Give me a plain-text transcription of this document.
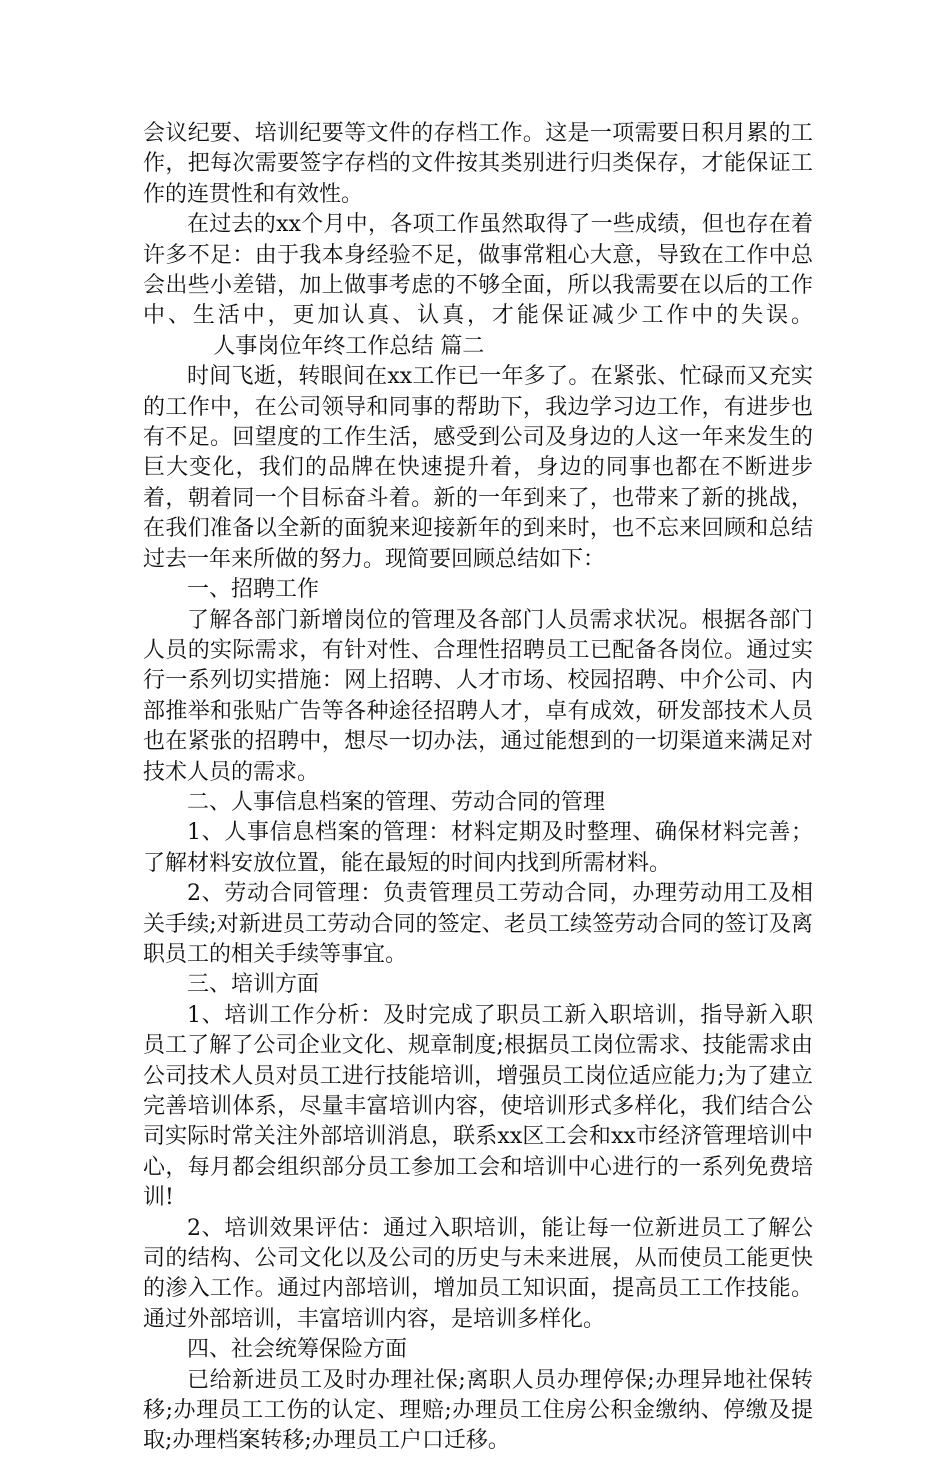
会议纪要、培训纪要等文件的存档工作。这是一项需要日积月累的工作，把每次需要签字存档的文件按其类别进行归类保存，才能保证工作的连贯性和有效性。

在过去的xx个月中，各项工作虽然取得了一些成绩，但也存在着许多不足：由于我本身经验不足，做事常粗心大意，导致在工作中总会出些小差错，加上做事考虑的不够全面，所以我需要在以后的工作中、生活中，更加认真、认真，才能保证减少工作中的失误。人事岗位年终工作总结 篇二

时间飞逝，转眼间在xx工作已一年多了。在紧张、忙碌而又充实的工作中，在公司领导和同事的帮助下，我边学习边工作，有进步也有不足。回望度的工作生活，感受到公司及身边的人这一年来发生的巨大变化，我们的品牌在快速提升着，身边的同事也都在不断进步着，朝着同一个目标奋斗着。新的一年到来了，也带来了新的挑战，在我们准备以全新的面貌来迎接新年的到来时，也不忘来回顾和总结过去一年来所做的努力。现简要回顾总结如下：

一、招聘工作

了解各部门新增岗位的管理及各部门人员需求状况。根据各部门人员的实际需求，有针对性、合理性招聘员工已配备各岗位。通过实行一系列切实措施：网上招聘、人才市场、校园招聘、中介公司、内部推举和张贴广告等各种途径招聘人才，卓有成效，研发部技术人员也在紧张的招聘中，想尽一切办法，通过能想到的一切渠道来满足对技术人员的需求。

二、人事信息档案的管理、劳动合同的管理

1、人事信息档案的管理：材料定期及时整理、确保材料完善；了解材料安放位置，能在最短的时间内找到所需材料。

2、劳动合同管理：负责管理员工劳动合同，办理劳动用工及相关手续;对新进员工劳动合同的签定、老员工续签劳动合同的签订及离职员工的相关手续等事宜。

三、培训方面

1、培训工作分析：及时完成了职员工新入职培训，指导新入职员工了解了公司企业文化、规章制度;根据员工岗位需求、技能需求由公司技术人员对员工进行技能培训，增强员工岗位适应能力;为了建立完善培训体系，尽量丰富培训内容，使培训形式多样化，我们结合公司实际时常关注外部培训消息，联系xx区工会和xx市经济管理培训中心，每月都会组织部分员工参加工会和培训中心进行的一系列免费培训!

2、培训效果评估：通过入职培训，能让每一位新进员工了解公司的结构、公司文化以及公司的历史与未来进展，从而使员工能更快的渗入工作。通过内部培训，增加员工知识面，提高员工工作技能。通过外部培训，丰富培训内容，是培训多样化。

四、社会统筹保险方面

已给新进员工及时办理社保;离职人员办理停保;办理异地社保转移;办理员工工伤的认定、理赔;办理员工住房公积金缴纳、停缴及提取;办理档案转移;办理员工户口迁移。
